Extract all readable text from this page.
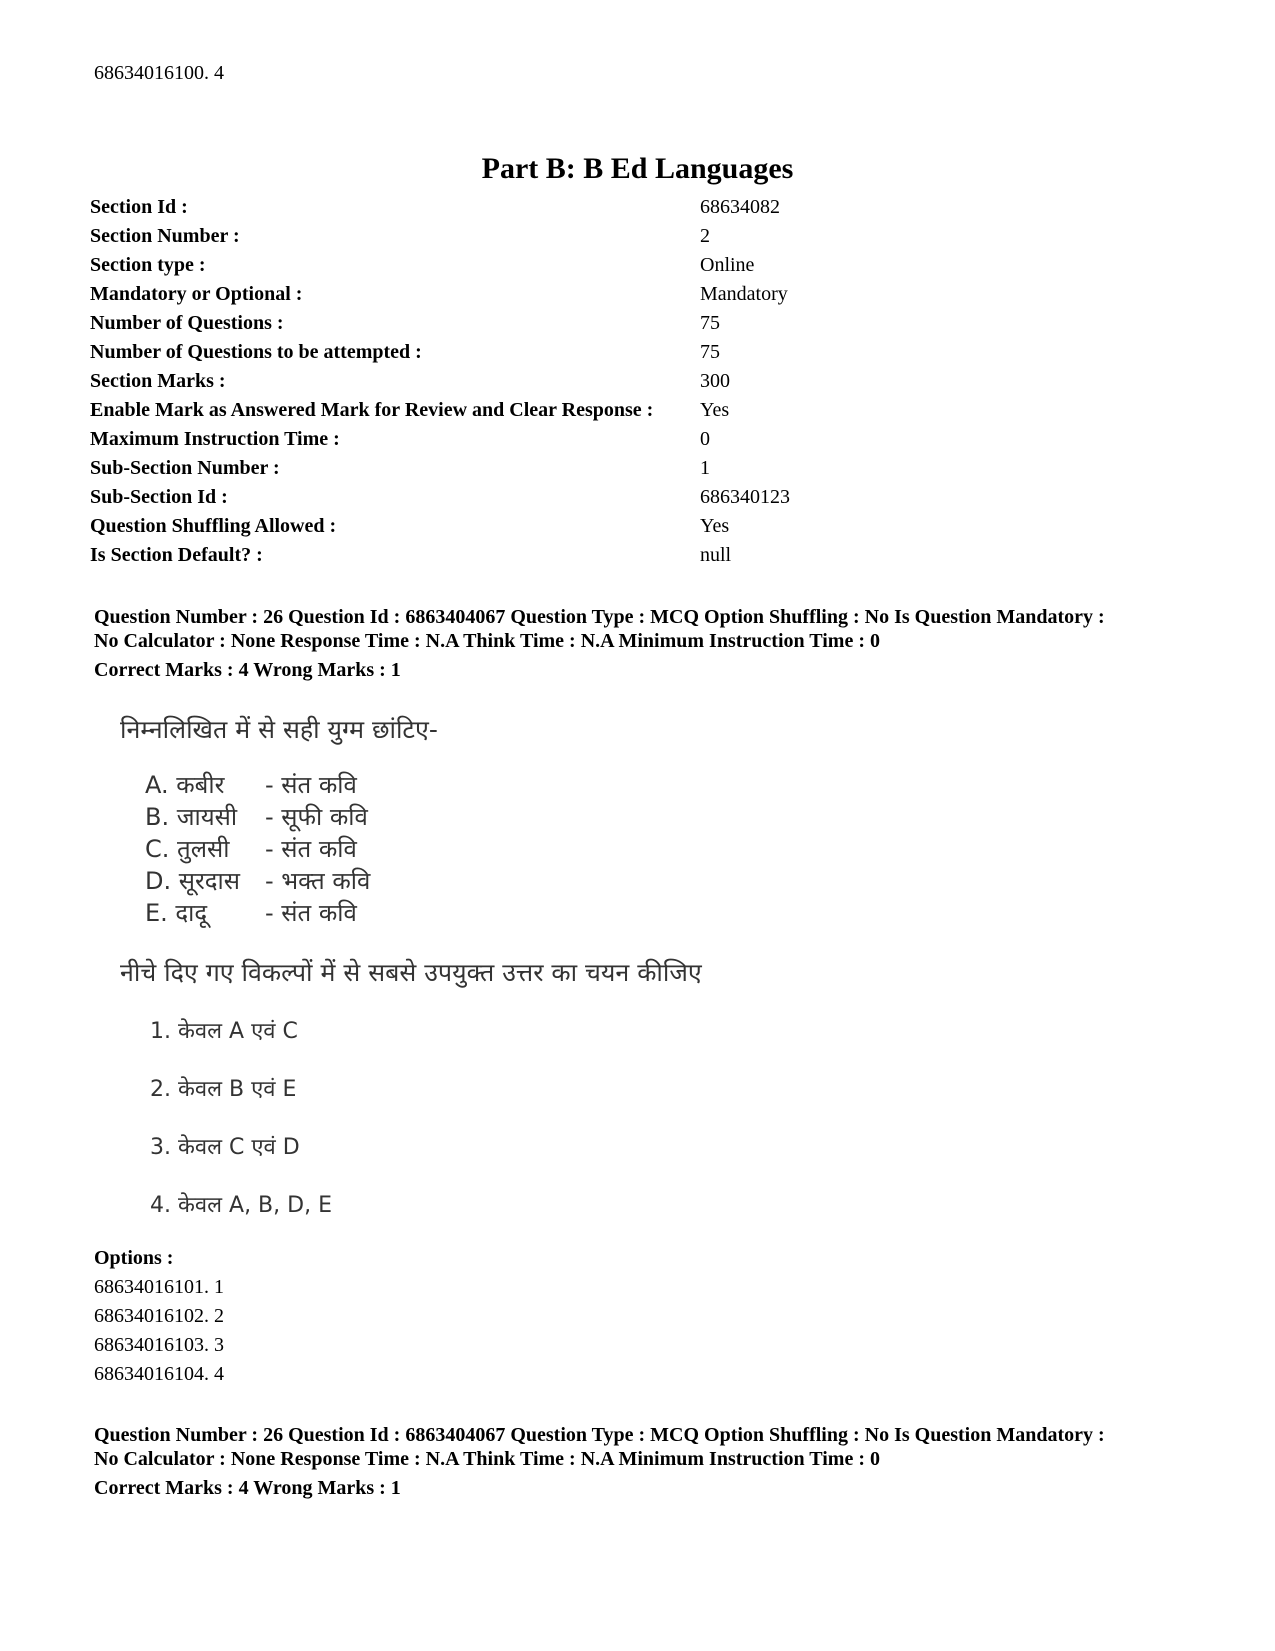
68634016100. 4
Part B: B Ed Languages
Section Id :	68634082
Section Number :	2
Section type :	Online
Mandatory or Optional :	Mandatory
Number of Questions :	75
Number of Questions to be attempted :	75
Section Marks :	300
Enable Mark as Answered Mark for Review and Clear Response : Yes
Maximum Instruction Time :	0
Sub-Section Number :	1
Sub-Section Id :	686340123
Question Shuffling Allowed :	Yes
Is Section Default? :	null
Question Number : 26 Question Id : 6863404067 Question Type : MCQ Option Shuffling : No Is Question Mandatory :
No Calculator : None Response Time : N.A Think Time : N.A Minimum Instruction Time : 0
Correct Marks : 4 Wrong Marks : 1
निम्नलिखित में से सही युग्म छांटिए-
A. कबीर - संत कवि
B. जायसी - सूफी कवि
C. तुलसी - संत कवि
D. सूरदास - भक्त कवि
E. दादू - संत कवि
नीचे दिए गए विकल्पों में से सबसे उपयुक्त उत्तर का चयन कीजिए
1. केवल A एवं C
2. केवल B एवं E
3. केवल C एवं D
4. केवल A, B, D, E
Options :
68634016101. 1
68634016102. 2
68634016103. 3
68634016104. 4
Question Number : 26 Question Id : 6863404067 Question Type : MCQ Option Shuffling : No Is Question Mandatory :
No Calculator : None Response Time : N.A Think Time : N.A Minimum Instruction Time : 0
Correct Marks : 4 Wrong Marks : 1
